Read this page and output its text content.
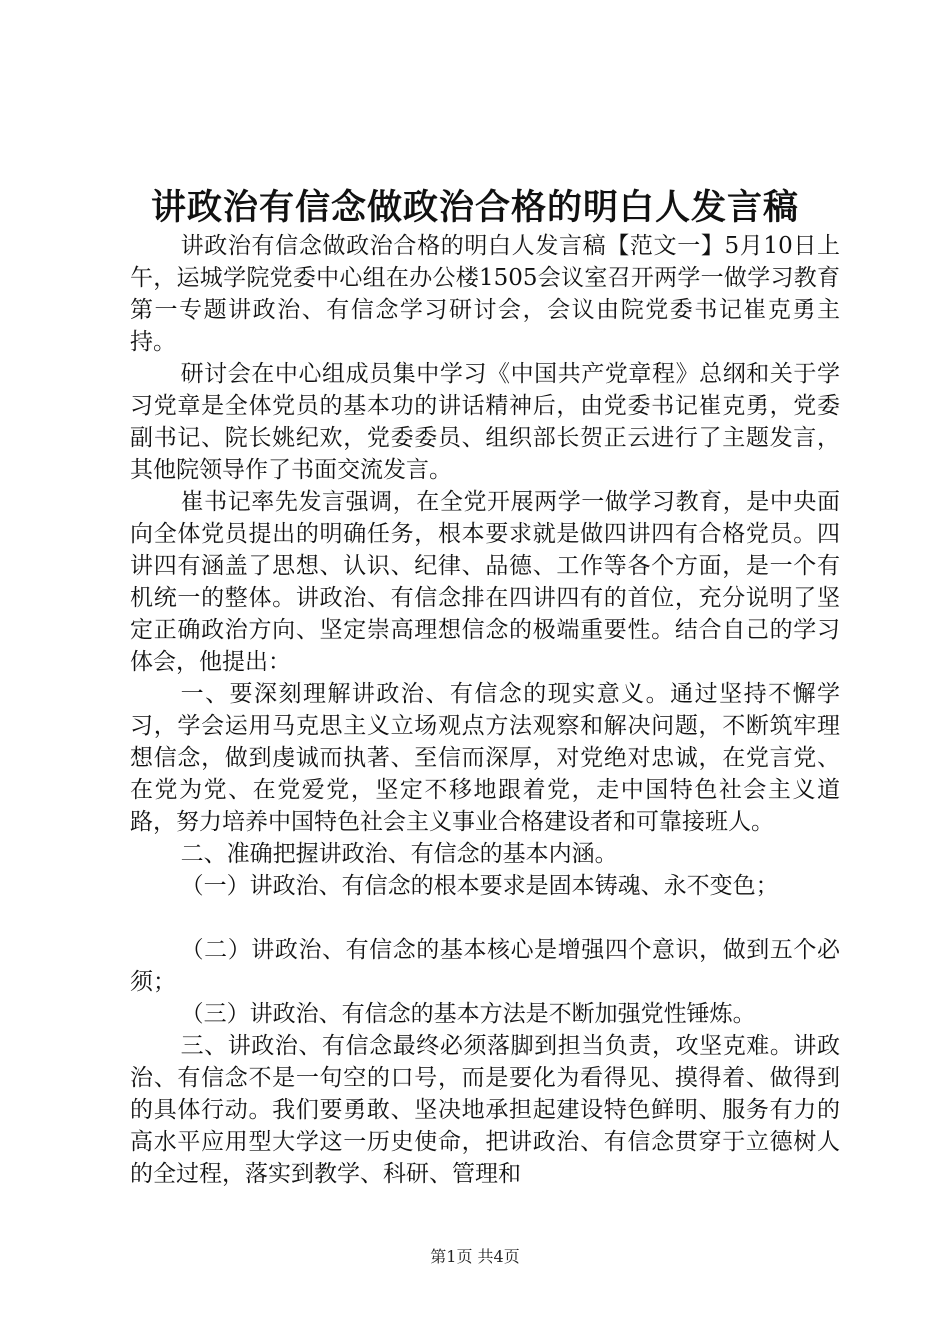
讲政治有信念做政治合格的明白人发言稿

讲政治有信念做政治合格的明白人发言稿【范文一】5月10日上午，运城学院党委中心组在办公楼1505会议室召开两学一做学习教育第一专题讲政治、有信念学习研讨会，会议由院党委书记崔克勇主持。

研讨会在中心组成员集中学习《中国共产党章程》总纲和关于学习党章是全体党员的基本功的讲话精神后，由党委书记崔克勇，党委副书记、院长姚纪欢，党委委员、组织部长贺正云进行了主题发言，其他院领导作了书面交流发言。

崔书记率先发言强调，在全党开展两学一做学习教育，是中央面向全体党员提出的明确任务，根本要求就是做四讲四有合格党员。四讲四有涵盖了思想、认识、纪律、品德、工作等各个方面，是一个有机统一的整体。讲政治、有信念排在四讲四有的首位，充分说明了坚定正确政治方向、坚定崇高理想信念的极端重要性。结合自己的学习体会，他提出：

一、要深刻理解讲政治、有信念的现实意义。通过坚持不懈学习，学会运用马克思主义立场观点方法观察和解决问题，不断筑牢理想信念，做到虔诚而执著、至信而深厚，对党绝对忠诚，在党言党、在党为党、在党爱党，坚定不移地跟着党，走中国特色社会主义道路，努力培养中国特色社会主义事业合格建设者和可靠接班人。

二、准确把握讲政治、有信念的基本内涵。

（一）讲政治、有信念的根本要求是固本铸魂、永不变色；

（二）讲政治、有信念的基本核心是增强四个意识，做到五个必须；

（三）讲政治、有信念的基本方法是不断加强党性锤炼。

三、讲政治、有信念最终必须落脚到担当负责，攻坚克难。讲政治、有信念不是一句空的口号，而是要化为看得见、摸得着、做得到的具体行动。我们要勇敢、坚决地承担起建设特色鲜明、服务有力的高水平应用型大学这一历史使命，把讲政治、有信念贯穿于立德树人的全过程，落实到教学、科研、管理和

第1页 共4页
